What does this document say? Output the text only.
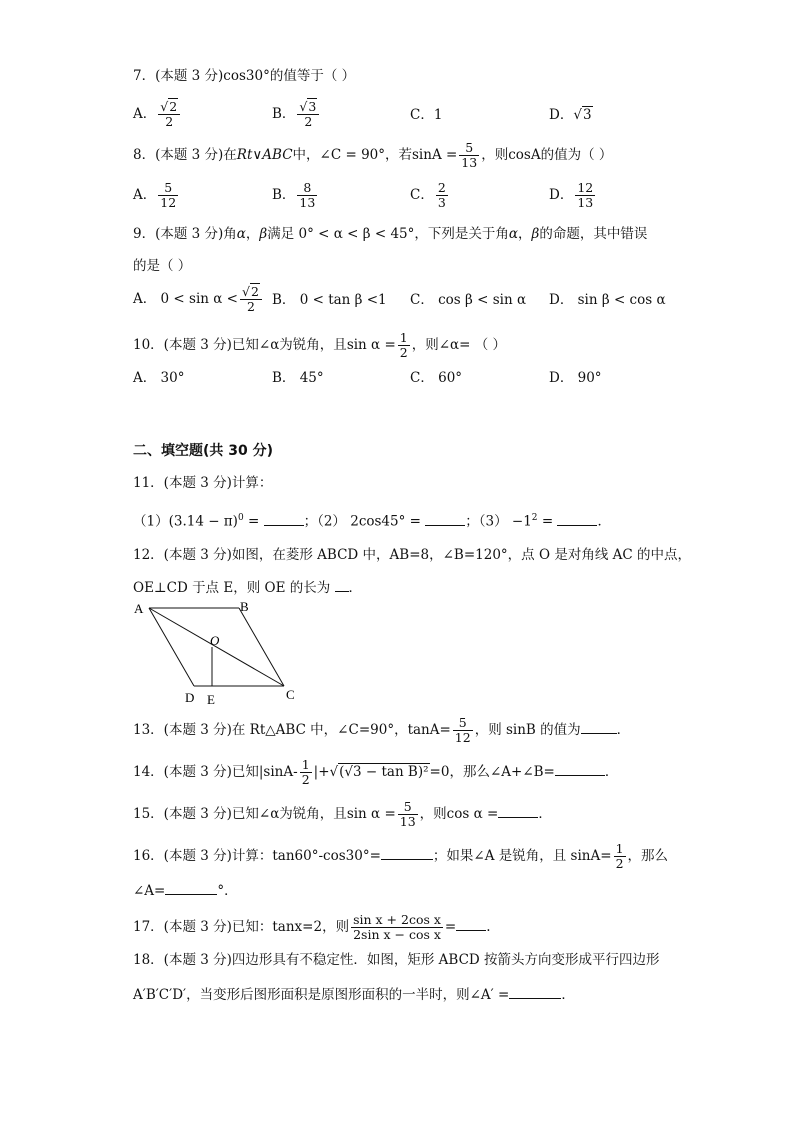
7．(本题 3 分)cos30°的值等于（ ）
A． $\frac{√2}{2}$	B． $\frac{√3}{2}$	C．1	D．√3
8．(本题 3 分)在Rt∨ABC中，∠C = 90°，若$\sin A = \frac{5}{13}$ ，则cosA的值为（ ）
A． $\frac{5}{12}$	B． $\frac{8}{13}$	C． $\frac{2}{3}$	D． $\frac{12}{13}$
9．(本题 3 分)角α，β满足 0° < α < β < 45°，下列是关于角α，β的命题，其中错误
的是（ ）
A． $0 < \sin \alpha < \frac{√2}{2}$ B． 0 < tan β <1 C． cos β < sin α D． sin β < cos α
10．(本题 3 分)已知∠α为锐角，且$\sin \alpha = \frac{1}{2}$ ，则∠α= （ ）
A． 30°	B． 45°	C． 60°	D． 90°
二、填空题(共 30 分)
11．(本题 3 分)计算：
$(1)(3.14 - \pi)^0$ =	；（2） 2cos45° =	；$(3) -1^2$ =	．
12．(本题 3 分)如图，在菱形 ABCD 中，AB=8，∠B=120°，点 O 是对角线 AC 的中点，
OE⊥CD 于点 E，则 OE 的长为 ．
A	B
C
D E
O
13．(本题 3 分)在 Rt△ABC 中，∠C=90°，$\tan A= \frac{5}{12}$ ，则 sinB 的值为	．
14．(本题 3 分)已知$|\sin A- \frac{1}{2} |+√(√3 - \tan B)^2=0$，那么∠A+∠B=	．
15．(本题 3 分)已知∠α为锐角，且$\sin \alpha = \frac{5}{13}$ ，则cos α =	．
16．(本题 3 分)计算：tan60°-cos30°=	；如果∠A 是锐角，且 $\sin A= \frac{1}{2}$ ，那么
∠A=	°．
17．(本题 3 分)已知：tanx=2，则 $\frac{\text{sin x + 2cos x}}{\text{2sin x − cos x}}$ = .
18．(本题 3 分)四边形具有不稳定性．如图，矩形 ABCD 按箭头方向变形成平行四边形
A′B′C′D′，当变形后图形面积是原图形面积的一半时，则∠A′ =	．
